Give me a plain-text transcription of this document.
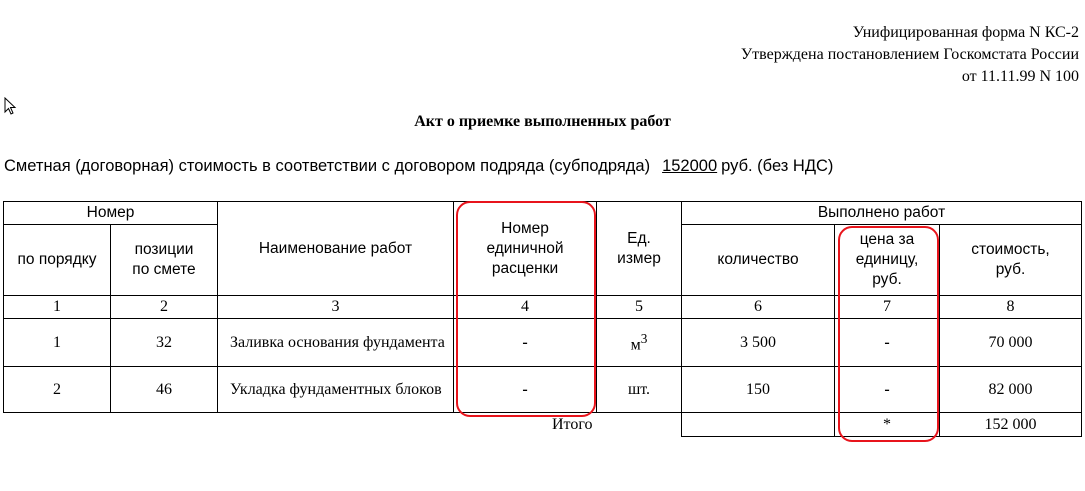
Унифицированная форма N КС-2
Утверждена постановлением Госкомстата России
от 11.11.99 N 100
Акт о приемке выполненных работ
Сметная (договорная) стоимость в соответствии с договором подряда (субподряда) 152000 руб. (без НДС)
Номер		Наименование работ	Номер единичной расценки	Ед. измер	Выполнено работ		

по порядку	позиции по смете				количество	цена за единицу, руб.	стоимость, руб.

1	2	3	4	5	6	7	8
1	32	Заливка основания фундамента	-	$м^3$	3 500	-	70 000
2	46	Укладка фундаментных блоков	-	шт.	150	-	82 000
Итого						*	152 000
